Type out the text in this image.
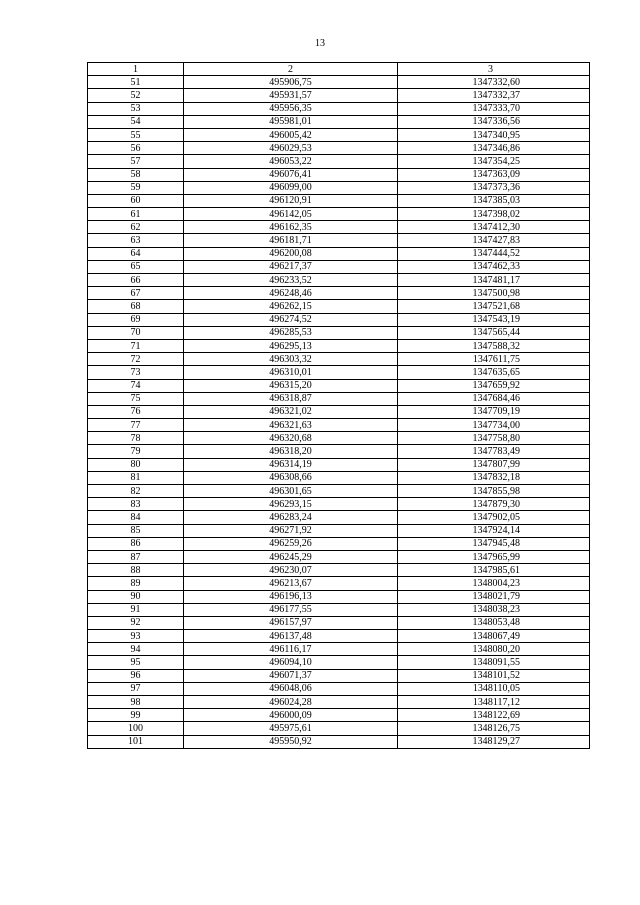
13
1	2	3
51	495906,75	1347332,60
52	495931,57	1347332,37
53	495956,35	1347333,70
54	495981,01	1347336,56
55	496005,42	1347340,95
56	496029,53	1347346,86
57	496053,22	1347354,25
58	496076,41	1347363,09
59	496099,00	1347373,36
60	496120,91	1347385,03
61	496142,05	1347398,02
62	496162,35	1347412,30
63	496181,71	1347427,83
64	496200,08	1347444,52
65	496217,37	1347462,33
66	496233,52	1347481,17
67	496248,46	1347500,98
68	496262,15	1347521,68
69	496274,52	1347543,19
70	496285,53	1347565,44
71	496295,13	1347588,32
72	496303,32	1347611,75
73	496310,01	1347635,65
74	496315,20	1347659,92
75	496318,87	1347684,46
76	496321,02	1347709,19
77	496321,63	1347734,00
78	496320,68	1347758,80
79	496318,20	1347783,49
80	496314,19	1347807,99
81	496308,66	1347832,18
82	496301,65	1347855,98
83	496293,15	1347879,30
84	496283,24	1347902,05
85	496271,92	1347924,14
86	496259,26	1347945,48
87	496245,29	1347965,99
88	496230,07	1347985,61
89	496213,67	1348004,23
90	496196,13	1348021,79
91	496177,55	1348038,23
92	496157,97	1348053,48
93	496137,48	1348067,49
94	496116,17	1348080,20
95	496094,10	1348091,55
96	496071,37	1348101,52
97	496048,06	1348110,05
98	496024,28	1348117,12
99	496000,09	1348122,69
100	495975,61	1348126,75
101	495950,92	1348129,27
